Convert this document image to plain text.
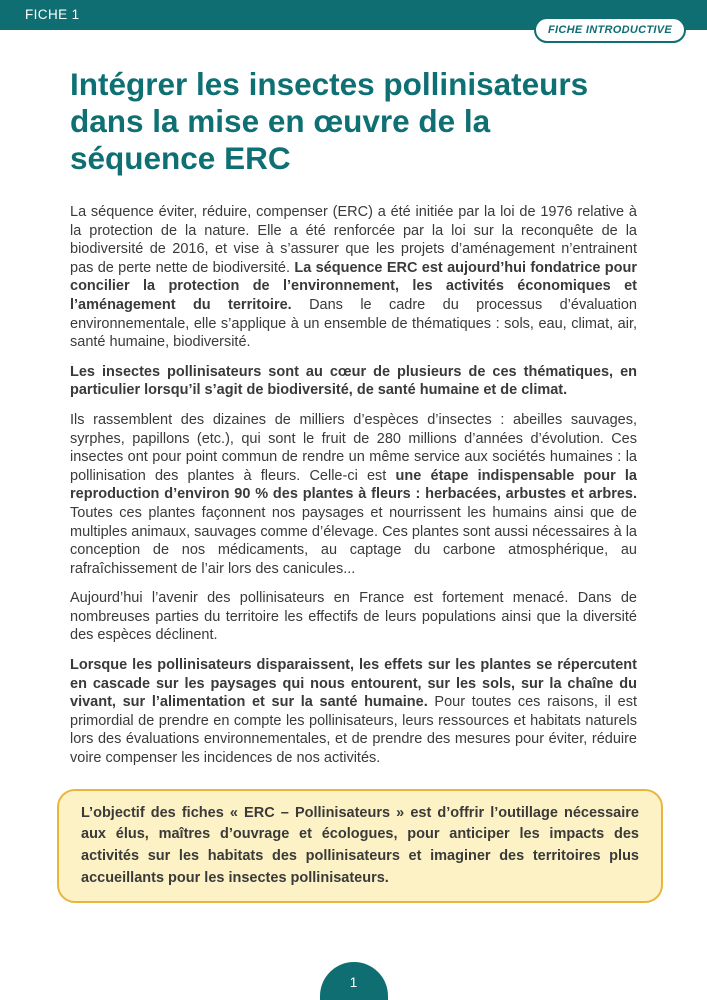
FICHE 1
FICHE INTRODUCTIVE
Intégrer les insectes pollinisateurs dans la mise en œuvre de la séquence ERC

La séquence éviter, réduire, compenser (ERC) a été initiée par la loi de 1976 relative à la protection de la nature. Elle a été renforcée par la loi sur la reconquête de la biodiversité de 2016, et vise à s’assurer que les projets d’aménagement n’entrainent pas de perte nette de biodiversité. La séquence ERC est aujourd’hui fondatrice pour concilier la protection de l’environnement, les activités économiques et l’aménagement du territoire. Dans le cadre du processus d’évaluation environnementale, elle s’applique à un ensemble de thématiques : sols, eau, climat, air, santé humaine, biodiversité.

Les insectes pollinisateurs sont au cœur de plusieurs de ces thématiques, en particulier lorsqu’il s’agit de biodiversité, de santé humaine et de climat.

Ils rassemblent des dizaines de milliers d’espèces d’insectes : abeilles sauvages, syrphes, papillons (etc.), qui sont le fruit de 280 millions d’années d’évolution. Ces insectes ont pour point commun de rendre un même service aux sociétés humaines : la pollinisation des plantes à fleurs. Celle-ci est une étape indispensable pour la reproduction d’environ 90 % des plantes à fleurs : herbacées, arbustes et arbres. Toutes ces plantes façonnent nos paysages et nourrissent les humains ainsi que de multiples animaux, sauvages comme d’élevage. Ces plantes sont aussi nécessaires à la conception de nos médicaments, au captage du carbone atmosphérique, au rafraîchissement de l’air lors des canicules...

Aujourd’hui l’avenir des pollinisateurs en France est fortement menacé. Dans de nombreuses parties du territoire les effectifs de leurs populations ainsi que la diversité des espèces déclinent.

Lorsque les pollinisateurs disparaissent, les effets sur les plantes se répercutent en cascade sur les paysages qui nous entourent, sur les sols, sur la chaîne du vivant, sur l’alimentation et sur la santé humaine. Pour toutes ces raisons, il est primordial de prendre en compte les pollinisateurs, leurs ressources et habitats naturels lors des évaluations environnementales, et de prendre des mesures pour éviter, réduire voire compenser les incidences de nos activités.

L’objectif des fiches « ERC – Pollinisateurs » est d’offrir l’outillage nécessaire aux élus, maîtres d’ouvrage et écologues, pour anticiper les impacts des activités sur les habitats des pollinisateurs et imaginer des territoires plus accueillants pour les insectes pollinisateurs.

1
